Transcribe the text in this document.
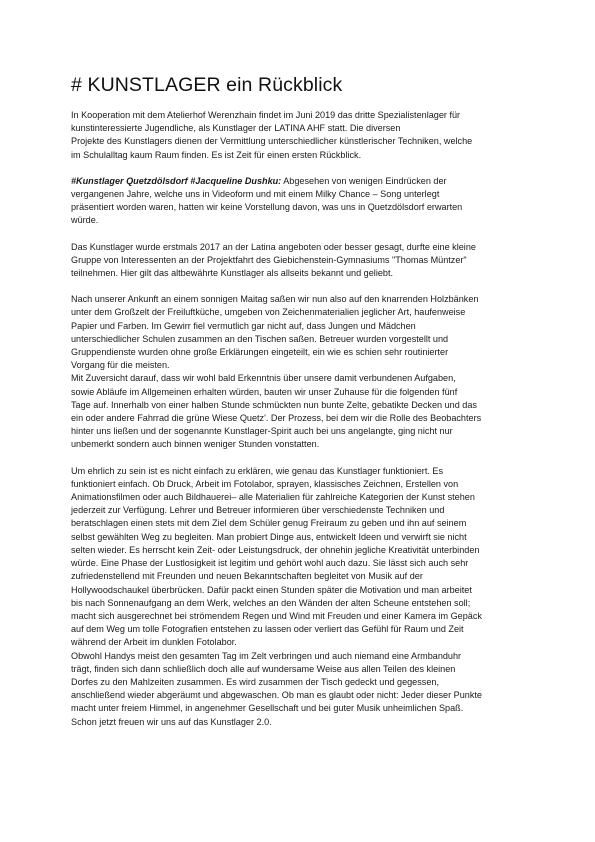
# KUNSTLAGER ein Rückblick

In Kooperation mit dem Atelierhof Werenzhain findet im Juni 2019 das dritte Spezialistenlager für
kunstinteressierte Jugendliche, als Kunstlager der LATINA AHF statt. Die diversen
Projekte des Kunstlagers dienen der Vermittlung unterschiedlicher künstlerischer Techniken, welche
im Schulalltag kaum Raum finden. Es ist Zeit für einen ersten Rückblick.

#Kunstlager Quetzdölsdorf #Jacqueline Dushku: Abgesehen von wenigen Eindrücken der
vergangenen Jahre, welche uns in Videoform und mit einem Milky Chance – Song unterlegt
präsentiert worden waren, hatten wir keine Vorstellung davon, was uns in Quetzdölsdorf erwarten
würde.

Das Kunstlager wurde erstmals 2017 an der Latina angeboten oder besser gesagt, durfte eine kleine
Gruppe von Interessenten an der Projektfahrt des Giebichenstein-Gymnasiums "Thomas Müntzer"
teilnehmen. Hier gilt das altbewährte Kunstlager als allseits bekannt und geliebt.

Nach unserer Ankunft an einem sonnigen Maitag saßen wir nun also auf den knarrenden Holzbänken
unter dem Großzelt der Freiluftküche, umgeben von Zeichenmaterialien jeglicher Art, haufenweise
Papier und Farben. Im Gewirr fiel vermutlich gar nicht auf, dass Jungen und Mädchen
unterschiedlicher Schulen zusammen an den Tischen saßen. Betreuer wurden vorgestellt und
Gruppendienste wurden ohne große Erklärungen eingeteilt, ein wie es schien sehr routinierter
Vorgang für die meisten.
Mit Zuversicht darauf, dass wir wohl bald Erkenntnis über unsere damit verbundenen Aufgaben,
sowie Abläufe im Allgemeinen erhalten würden, bauten wir unser Zuhause für die folgenden fünf
Tage auf. Innerhalb von einer halben Stunde schmückten nun bunte Zelte, gebatikte Decken und das
ein oder andere Fahrrad die grüne Wiese Quetz'. Der Prozess, bei dem wir die Rolle des Beobachters
hinter uns ließen und der sogenannte Kunstlager-Spirit auch bei uns angelangte, ging nicht nur
unbemerkt sondern auch binnen weniger Stunden vonstatten.

Um ehrlich zu sein ist es nicht einfach zu erklären, wie genau das Kunstlager funktioniert. Es
funktioniert einfach. Ob Druck, Arbeit im Fotolabor, sprayen, klassisches Zeichnen, Erstellen von
Animationsfilmen oder auch Bildhauerei– alle Materialien für zahlreiche Kategorien der Kunst stehen
jederzeit zur Verfügung. Lehrer und Betreuer informieren über verschiedenste Techniken und
beratschlagen einen stets mit dem Ziel dem Schüler genug Freiraum zu geben und ihn auf seinem
selbst gewählten Weg zu begleiten. Man probiert Dinge aus, entwickelt Ideen und verwirft sie nicht
selten wieder. Es herrscht kein Zeit- oder Leistungsdruck, der ohnehin jegliche Kreativität unterbinden
würde. Eine Phase der Lustlosigkeit ist legitim und gehört wohl auch dazu. Sie lässt sich auch sehr
zufriedenstellend mit Freunden und neuen Bekanntschaften begleitet von Musik auf der
Hollywoodschaukel überbrücken. Dafür packt einen Stunden später die Motivation und man arbeitet
bis nach Sonnenaufgang an dem Werk, welches an den Wänden der alten Scheune entstehen soll;
macht sich ausgerechnet bei strömendem Regen und Wind mit Freuden und einer Kamera im Gepäck
auf dem Weg um tolle Fotografien entstehen zu lassen oder verliert das Gefühl für Raum und Zeit
während der Arbeit im dunklen Fotolabor.
Obwohl Handys meist den gesamten Tag im Zelt verbringen und auch niemand eine Armbanduhr
trägt, finden sich dann schließlich doch alle auf wundersame Weise aus allen Teilen des kleinen
Dorfes zu den Mahlzeiten zusammen. Es wird zusammen der Tisch gedeckt und gegessen,
anschließend wieder abgeräumt und abgewaschen. Ob man es glaubt oder nicht: Jeder dieser Punkte
macht unter freiem Himmel, in angenehmer Gesellschaft und bei guter Musik unheimlichen Spaß.
Schon jetzt freuen wir uns auf das Kunstlager 2.0.
